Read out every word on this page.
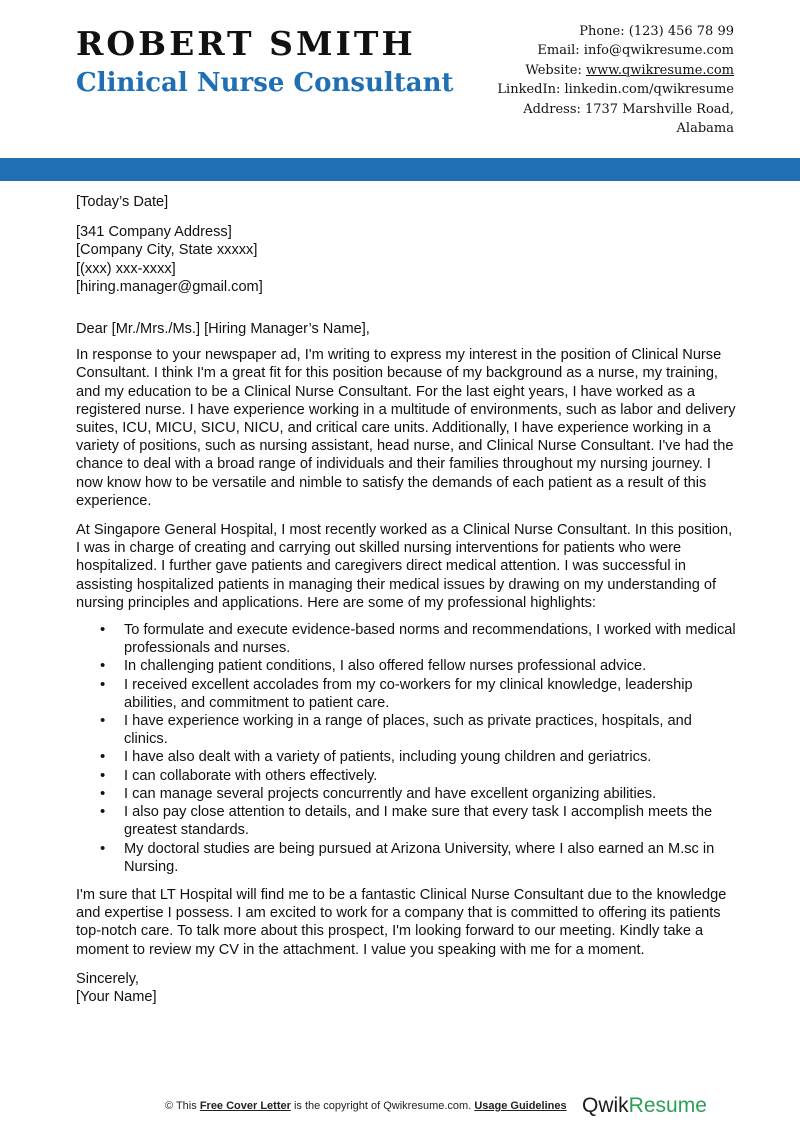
ROBERT SMITH
Clinical Nurse Consultant
Phone: (123) 456 78 99
Email: info@qwikresume.com
Website: www.qwikresume.com
LinkedIn: linkedin.com/qwikresume
Address: 1737 Marshville Road, Alabama

[Today’s Date]

[341 Company Address]

[Company City, State xxxxx]

[(xxx) xxx-xxxx]

[hiring.manager@gmail.com]

Dear [Mr./Mrs./Ms.] [Hiring Manager’s Name],

In response to your newspaper ad, I'm writing to express my interest in the position of Clinical Nurse Consultant. I think I'm a great fit for this position because of my background as a nurse, my training, and my education to be a Clinical Nurse Consultant. For the last eight years, I have worked as a registered nurse. I have experience working in a multitude of environments, such as labor and delivery suites, ICU, MICU, SICU, NICU, and critical care units. Additionally, I have experience working in a variety of positions, such as nursing assistant, head nurse, and Clinical Nurse Consultant. I've had the chance to deal with a broad range of individuals and their families throughout my nursing journey. I now know how to be versatile and nimble to satisfy the demands of each patient as a result of this experience.

At Singapore General Hospital, I most recently worked as a Clinical Nurse Consultant. In this position, I was in charge of creating and carrying out skilled nursing interventions for patients who were hospitalized. I further gave patients and caregivers direct medical attention. I was successful in assisting hospitalized patients in managing their medical issues by drawing on my understanding of nursing principles and applications. Here are some of my professional highlights:

• To formulate and execute evidence-based norms and recommendations, I worked with medical professionals and nurses.
• In challenging patient conditions, I also offered fellow nurses professional advice.
• I received excellent accolades from my co-workers for my clinical knowledge, leadership abilities, and commitment to patient care.
• I have experience working in a range of places, such as private practices, hospitals, and clinics.
• I have also dealt with a variety of patients, including young children and geriatrics.
• I can collaborate with others effectively.
• I can manage several projects concurrently and have excellent organizing abilities.
• I also pay close attention to details, and I make sure that every task I accomplish meets the greatest standards.
• My doctoral studies are being pursued at Arizona University, where I also earned an M.sc in Nursing.

I'm sure that LT Hospital will find me to be a fantastic Clinical Nurse Consultant due to the knowledge and expertise I possess. I am excited to work for a company that is committed to offering its patients top-notch care. To talk more about this prospect, I'm looking forward to our meeting. Kindly take a moment to review my CV in the attachment. I value you speaking with me for a moment.

Sincerely,

[Your Name]

© This Free Cover Letter is the copyright of Qwikresume.com. Usage Guidelines QwikResume
